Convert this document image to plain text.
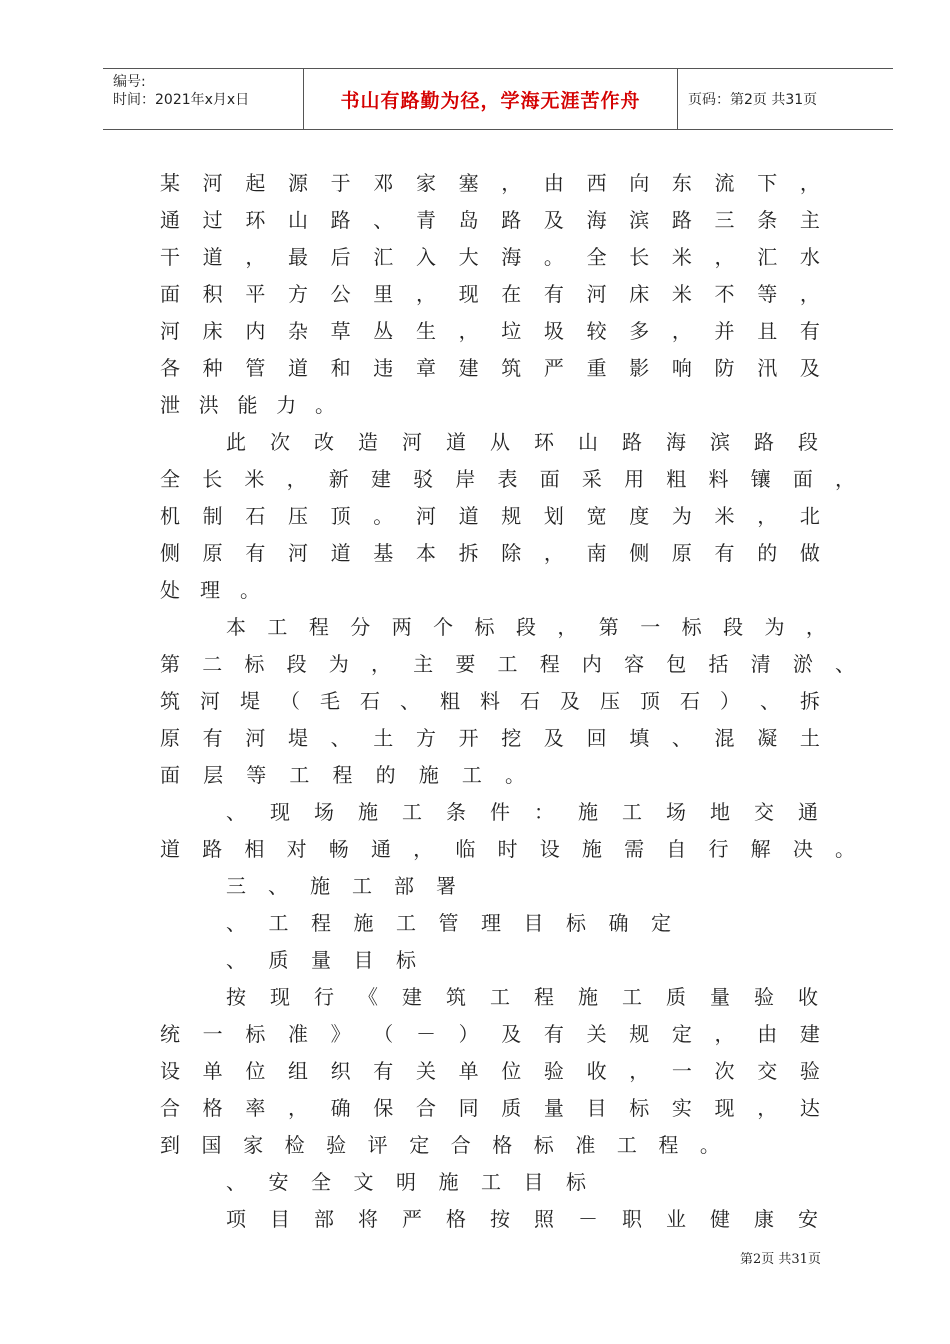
编号:
时间：2021年x月x日	书山有路勤为径，学海无涯苦作舟	页码：第2页 共31页
某 河 起 源 于 邓 家 塞 ， 由 西 向 东 流 下 ，
通 过 环 山 路 、 青 岛 路 及 海 滨 路 三 条 主
干 道 ， 最 后 汇 入 大 海 。 全 长 米 ， 汇 水
面 积 平 方 公 里 ， 现 在 有 河 床 米 不 等 ，
河 床 内 杂 草 丛 生 ， 垃 圾 较 多 ， 并 且 有
各 种 管 道 和 违 章 建 筑 严 重 影 响 防 汛 及
泄 洪 能 力 。
此 次 改 造 河 道 从 环 山 路 海 滨 路 段
全 长 米 ， 新 建 驳 岸 表 面 采 用 粗 料 镶 面 ，
机 制 石 压 顶 。 河 道 规 划 宽 度 为 米 ， 北
侧 原 有 河 道 基 本 拆 除 ， 南 侧 原 有 的 做
处 理 。
本 工 程 分 两 个 标 段 ， 第 一 标 段 为 ，
第 二 标 段 为 ， 主 要 工 程 内 容 包 括 清 淤 、
筑 河 堤 （ 毛 石 、 粗 料 石 及 压 顶 石 ） 、 拆
原 有 河 堤 、 土 方 开 挖 及 回 填 、 混 凝 土
面 层 等 工 程 的 施 工 。
、 现 场 施 工 条 件 ： 施 工 场 地 交 通
道 路 相 对 畅 通 ， 临 时 设 施 需 自 行 解 决 。
三 、 施 工 部 署
、 工 程 施 工 管 理 目 标 确 定
、 质 量 目 标
按 现 行 《 建 筑 工 程 施 工 质 量 验 收
统 一 标 准 》 （ － ） 及 有 关 规 定 ， 由 建
设 单 位 组 织 有 关 单 位 验 收 ， 一 次 交 验
合 格 率 ， 确 保 合 同 质 量 目 标 实 现 ， 达
到 国 家 检 验 评 定 合 格 标 准 工 程 。
、 安 全 文 明 施 工 目 标
项 目 部 将 严 格 按 照 － 职 业 健 康 安
第2页 共31页
